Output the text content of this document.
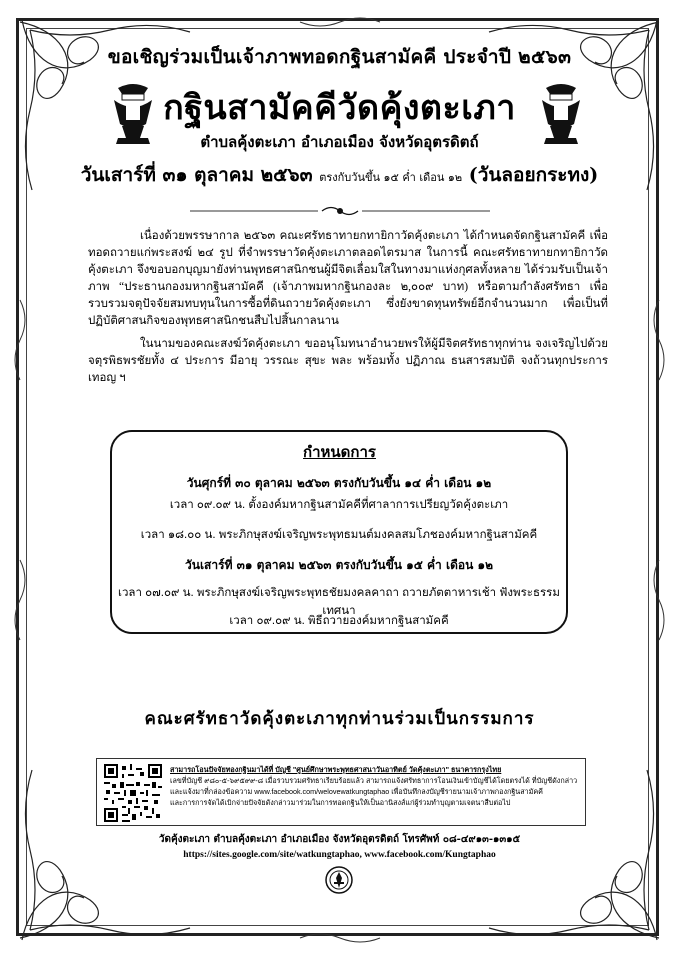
ขอเชิญร่วมเป็นเจ้าภาพทอดกฐินสามัคคี ประจำปี ๒๕๖๓
กฐินสามัคคีวัดคุ้งตะเภา
ตำบลคุ้งตะเภา อำเภอเมือง จังหวัดอุตรดิตถ์
วันเสาร์ที่ ๓๑ ตุลาคม ๒๕๖๓ ตรงกับวันขึ้น ๑๕ ค่ำ เดือน ๑๒ (วันลอยกระทง)

เนื่องด้วยพรรษากาล ๒๕๖๓ คณะศรัทธาทายกทายิกาวัดคุ้งตะเภา ได้กำหนดจัดกฐินสามัคคี เพื่อทอดถวายแก่พระสงฆ์ ๒๔ รูป ที่จำพรรษาวัดคุ้งตะเภาตลอดไตรมาส ในการนี้ คณะศรัทธาทายกทายิกาวัดคุ้งตะเภา จึงขอบอกบุญมายังท่านพุทธศาสนิกชนผู้มีจิตเลื่อมใสในทางมาแห่งกุศลทั้งหลาย ได้ร่วมรับเป็นเจ้าภาพ “ประธานกองมหากฐินสามัคคี (เจ้าภาพมหากฐินกองละ ๒,๐๐๙ บาท) หรือตามกำลังศรัทธา เพื่อรวบรวมจตุปัจจัยสมทบทุนในการซื้อที่ดินถวายวัดคุ้งตะเภา ซึ่งยังขาดทุนทรัพย์อีกจำนวนมาก เพื่อเป็นที่ปฏิบัติศาสนกิจของพุทธศาสนิกชนสืบไปสิ้นกาลนาน

ในนามของคณะสงฆ์วัดคุ้งตะเภา ขออนุโมทนาอำนวยพรให้ผู้มีจิตศรัทธาทุกท่าน จงเจริญไปด้วยจตุรพิธพรชัยทั้ง ๔ ประการ มีอายุ วรรณะ สุขะ พละ พร้อมทั้ง ปฏิภาณ ธนสารสมบัติ จงถ้วนทุกประการ เทอญ ฯ

กำหนดการ
วันศุกร์ที่ ๓๐ ตุลาคม ๒๕๖๓ ตรงกับวันขึ้น ๑๔ ค่ำ เดือน ๑๒
เวลา ๐๙.๐๙ น. ตั้งองค์มหากฐินสามัคคีที่ศาลาการเปรียญวัดคุ้งตะเภา
เวลา ๑๘.๐๐ น. พระภิกษุสงฆ์เจริญพระพุทธมนต์มงคลสมโภชองค์มหากฐินสามัคคี
วันเสาร์ที่ ๓๑ ตุลาคม ๒๕๖๓ ตรงกับวันขึ้น ๑๕ ค่ำ เดือน ๑๒
เวลา ๐๗.๐๙ น. พระภิกษุสงฆ์เจริญพระพุทธชัยมงคลคาถา ถวายภัตตาหารเช้า ฟังพระธรรมเทศนา
เวลา ๐๙.๐๙ น. พิธีถวายองค์มหากฐินสามัคคี
คณะศรัทธาวัดคุ้งตะเภาทุกท่านร่วมเป็นกรรมการ
สามารถโอนปัจจัยทองกฐินมาได้ที่ บัญชี "ศูนย์ศึกษาพระพุทธศาสนาวันอาทิตย์ วัดคุ้งตะเภา" ธนาคารกรุงไทย
เลขที่บัญชี ๙๘๐-๕-๖๙๕๙๙-๘ เมื่อรวบรวมศรัทธาเรียบร้อยแล้ว สามารถแจ้งศรัทธาการโอนเงินเข้าบัญชีได้โดยตรงได้ ที่บัญชีดังกล่าว
และแจ้งมาที่กล่องข้อความ www.facebook.com/welovewatkungtaphao เพื่อบันทึกลงบัญชีรายนามเจ้าภาพกองกฐินสามัคคี
และการการจัดได้เบิกจ่ายปัจจัยดังกล่าวมาร่วมในการทอดกฐินให้เป็นอานิสงส์แก่ผู้ร่วมทำบุญตามเจตนาสืบต่อไป
วัดคุ้งตะเภา ตำบลคุ้งตะเภา อำเภอเมือง จังหวัดอุตรดิตถ์ โทรศัพท์ ๐๘-๔๙๑๓-๑๓๑๕
https://sites.google.com/site/watkungtaphao, www.facebook.com/Kungtaphao
